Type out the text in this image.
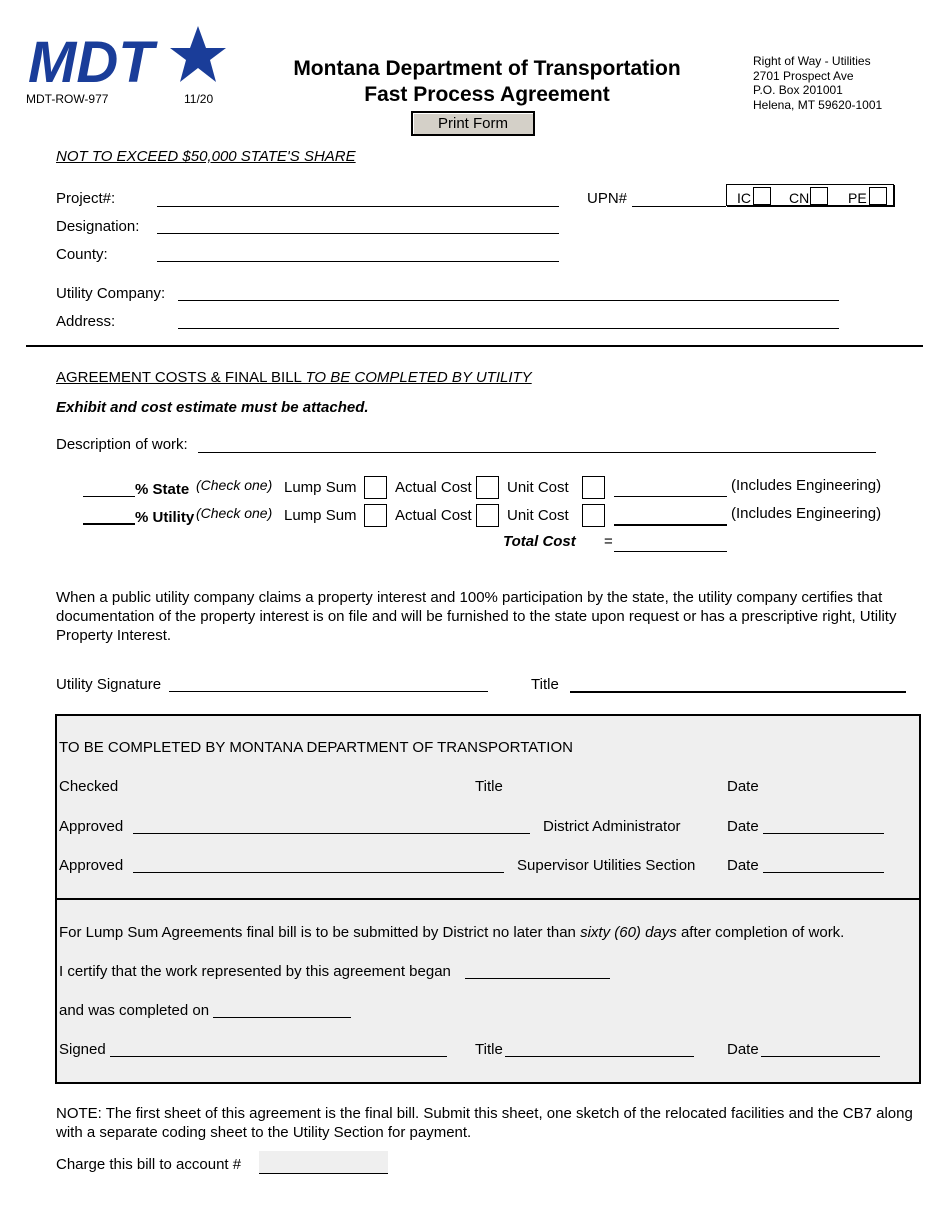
MDT
MDT-ROW-977	11/20
Montana Department of Transportation
Fast Process Agreement
Print Form
Right of Way - Utilities
2701 Prospect Ave
P.O. Box 201001
Helena, MT 59620-1001
NOT TO EXCEED $50,000 STATE'S SHARE
Project#:
Designation:
County:
UPN#	IC	CN	PE
Utility Company:
Address:
AGREEMENT COSTS & FINAL BILL TO BE COMPLETED BY UTILITY
Exhibit and cost estimate must be attached.
Description of work:
% State (Check one) Lump Sum	Actual Cost Unit Cost	(Includes Engineering)
% Utility (Check one) Lump Sum	Actual Cost Unit Cost	(Includes Engineering)
Total Cost =
When a public utility company claims a property interest and 100% participation by the state, the utility company certifies that documentation of the property interest is on file and will be furnished to the state upon request or has a prescriptive right, Utility Property Interest.
Utility Signature	Title
TO BE COMPLETED BY MONTANA DEPARTMENT OF TRANSPORTATION
Checked	Title	Date
Approved	District Administrator	Date
Approved	Supervisor Utilities Section Date
For Lump Sum Agreements final bill is to be submitted by District no later than sixty (60) days after completion of work.
I certify that the work represented by this agreement began
and was completed on
Signed	Title	Date
NOTE: The first sheet of this agreement is the final bill. Submit this sheet, one sketch of the relocated facilities and the CB7 along with a separate coding sheet to the Utility Section for payment.
Charge this bill to account #
